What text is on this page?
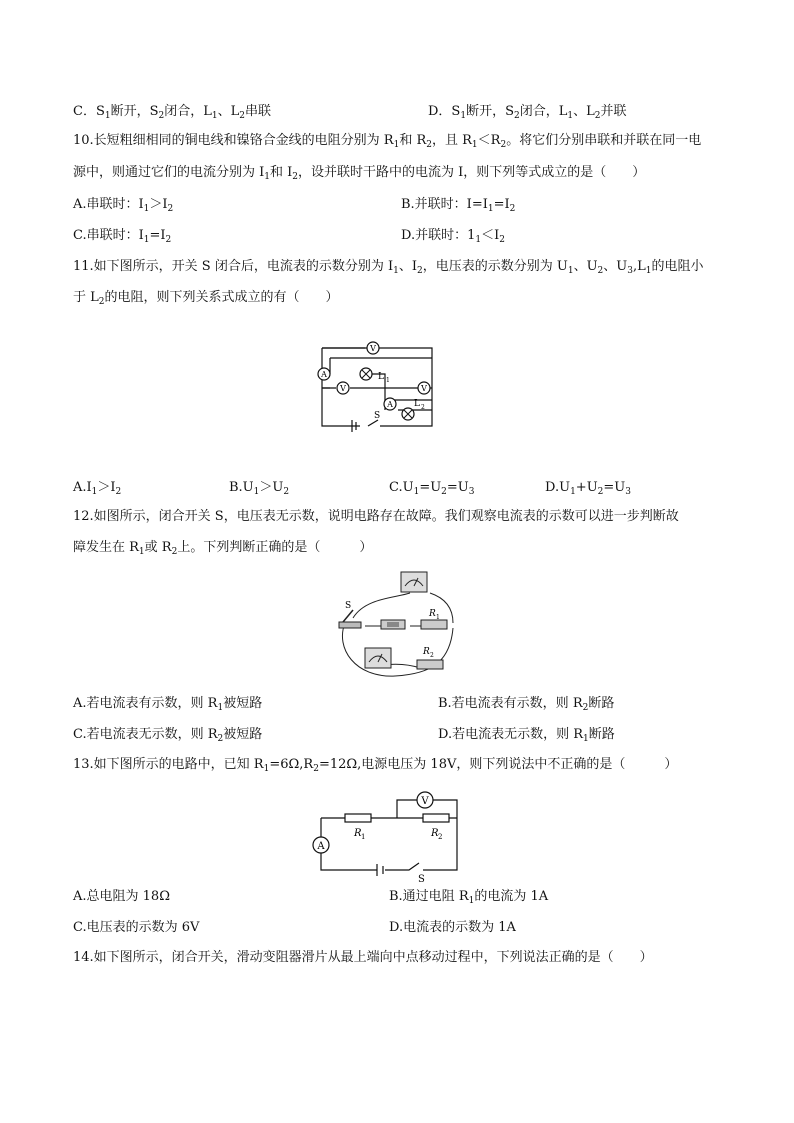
C．$S_1$断开，$S_2$闭合，$L_1$、$L_2$串联	D．$S_1$断开，$S_2$闭合，$L_1$、$L_2$并联
10.长短粗细相同的铜电线和镍铬合金线的电阻分别为 $R_1$和 $R_2$，且 $R_1<R_2$。将它们分别串联和并联在同一电
源中，则通过它们的电流分别为 $I_1$和 $I_2$，设并联时干路中的电流为 I，则下列等式成立的是（　　）
A.串联时：$I_1>I_2$	B.并联时：$I=I_1=I_2$
C.串联时：$I_1=I_2$	D.并联时：$1_1<I_2$
11.如下图所示，开关 S 闭合后，电流表的示数分别为 $I_1$、$I_2$，电压表的示数分别为 $U_1$、$U_2$、$U_3,L_1$的电阻小
于 $L_2$的电阻，则下列关系式成立的有（　　）
V
A	L 1
V	V
A L 2
S
$A.I_1>I_2$	$B.U_1>U_2$	$C.U_1=U_2=U_3$	$D.U_1+U_2=U_3$
12.如图所示，闭合开关 S，电压表无示数，说明电路存在故障。我们观察电流表的示数可以进一步判断故
障发生在 $R_1$或 $R_2$上。下列判断正确的是（　　　）
S
R 1
R 2
A.若电流表有示数，则 $R_1$被短路	B.若电流表有示数，则 $R_2$断路
C.若电流表无示数，则 $R_2$被短路	D.若电流表无示数，则 $R_1$断路
13.如下图所示的电路中，已知 $R_1=6\Omega,R_2=12\Omega$,电源电压为 18V，则下列说法中不正确的是（　　　）
R 1	R 2
V
A
S
A.总电阻为 18Ω	B.通过电阻 $R_1$的电流为 1A
C.电压表的示数为 6V	D.电流表的示数为 1A
14.如下图所示，闭合开关，滑动变阻器滑片从最上端向中点移动过程中，下列说法正确的是（　　）
